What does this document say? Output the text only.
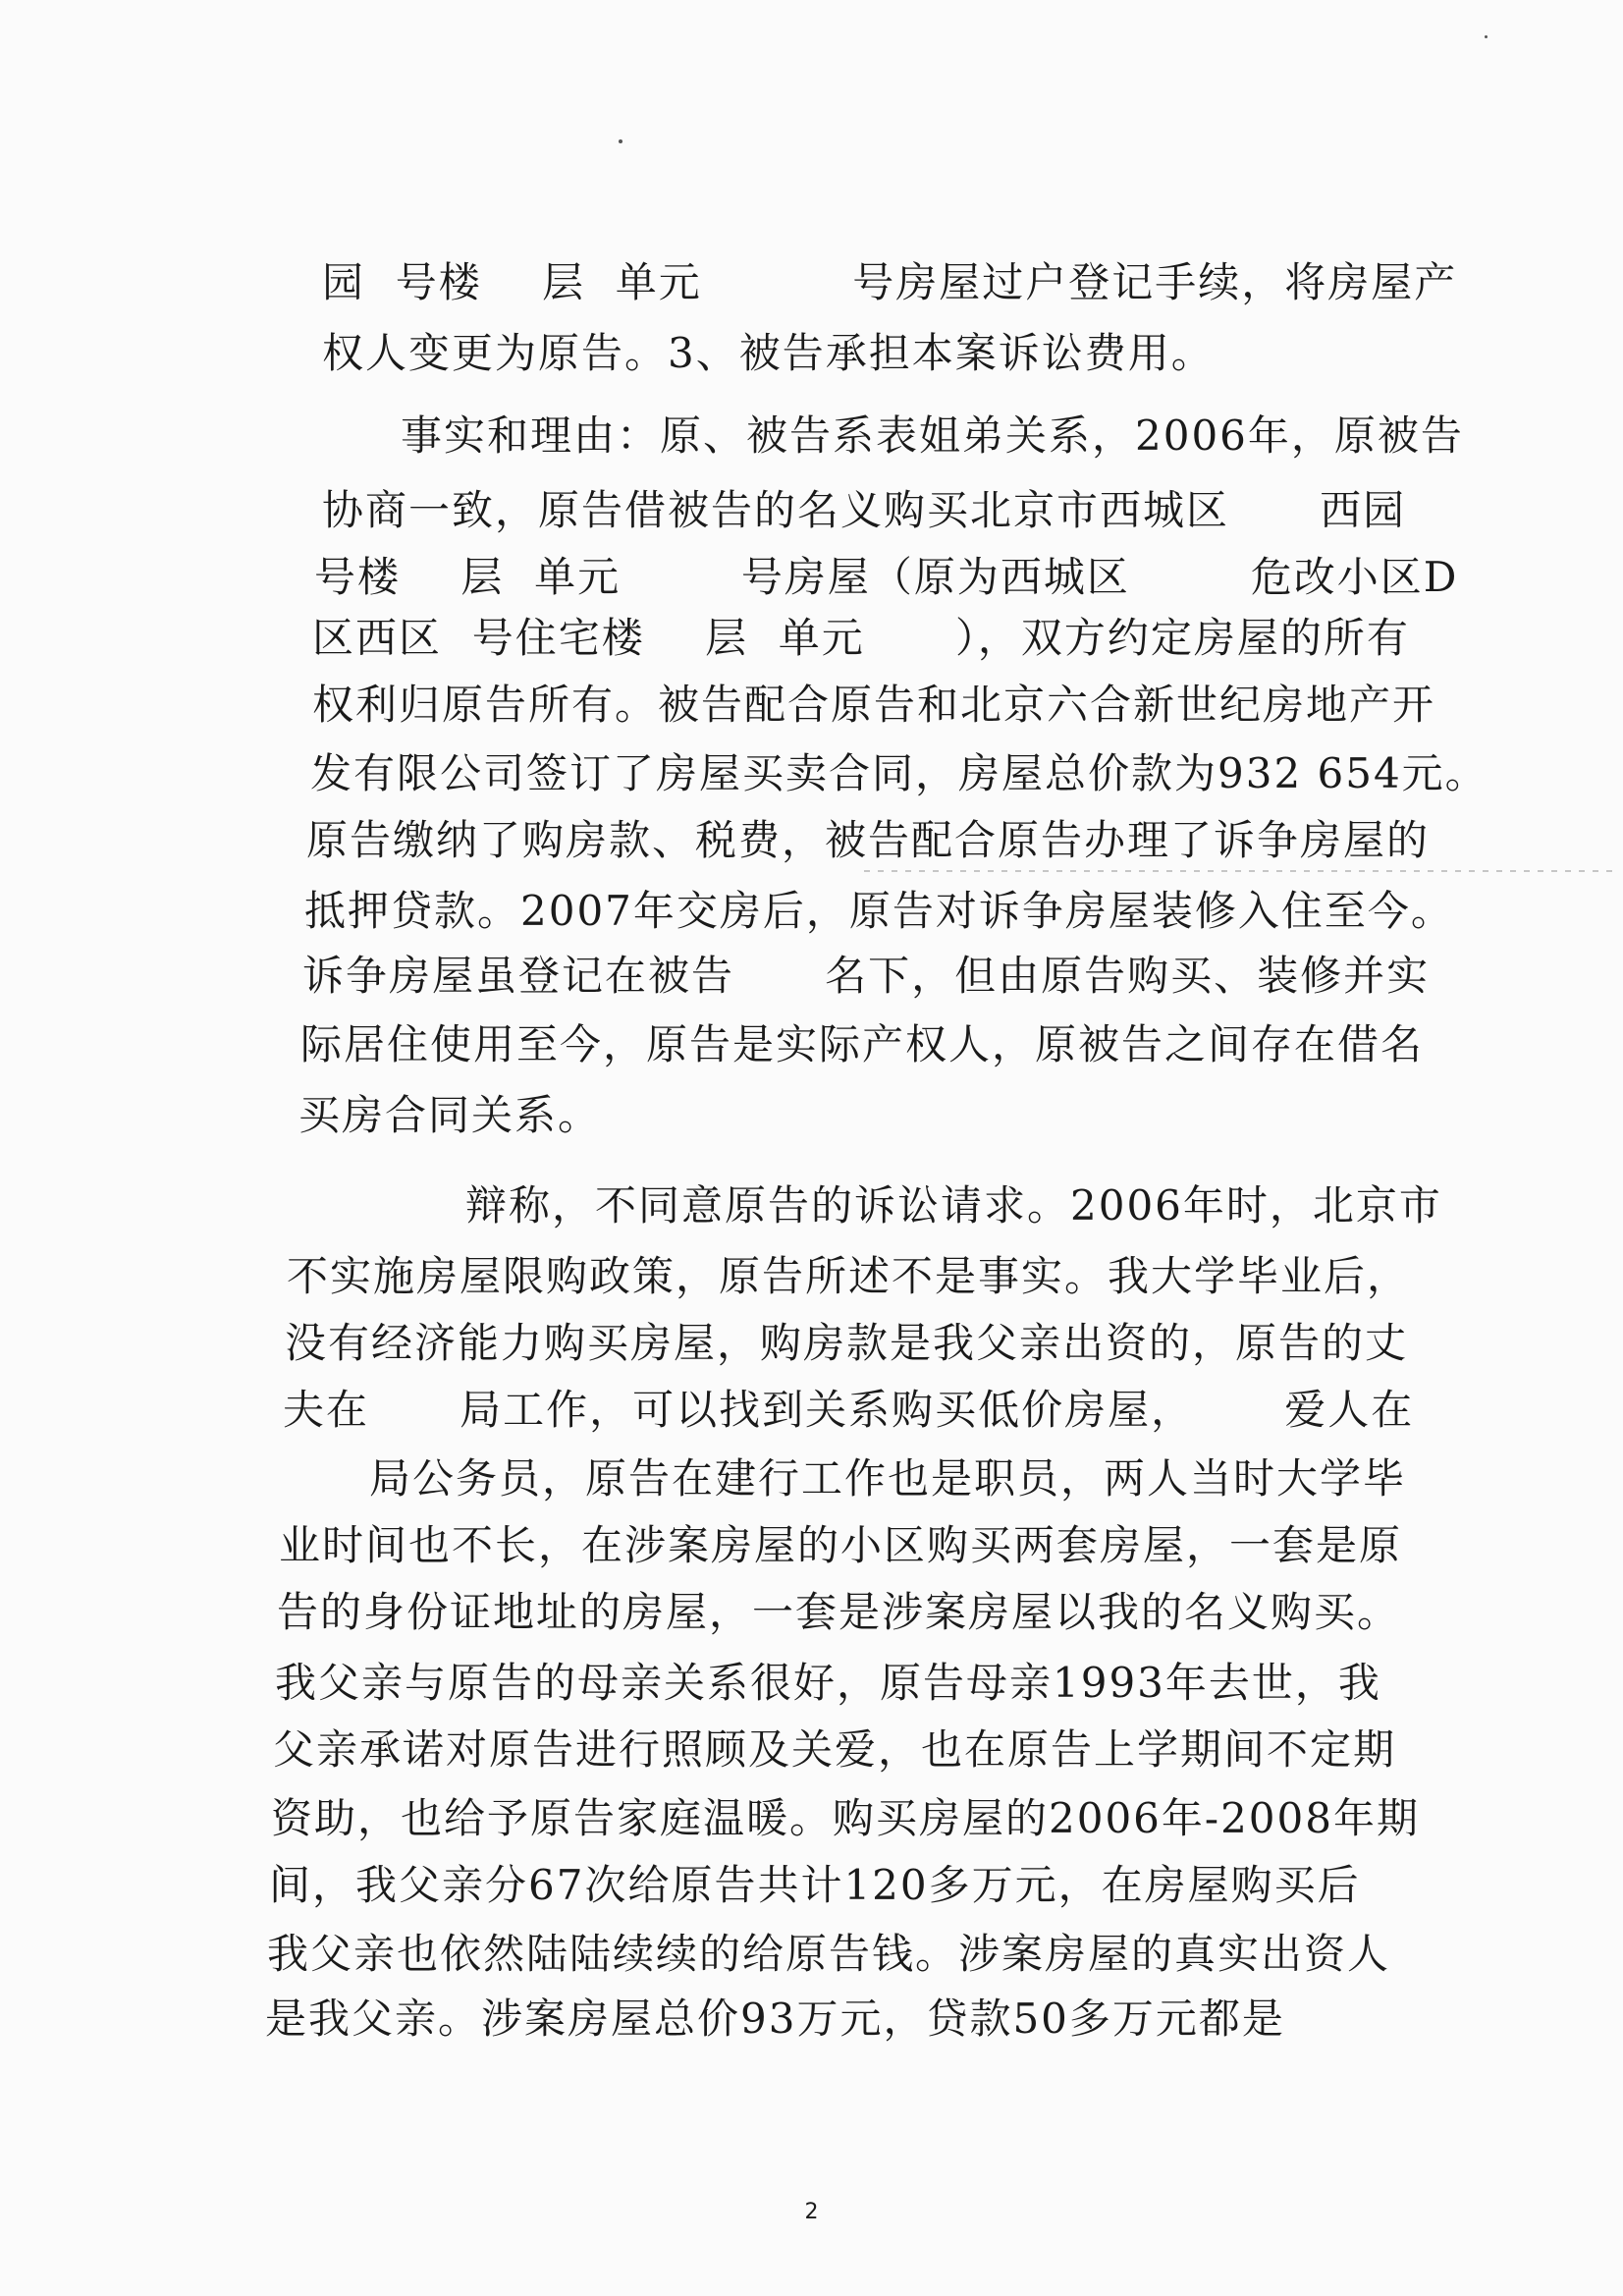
园  号楼    层  单元          号房屋过户登记手续，将房屋产
权人变更为原告。3、被告承担本案诉讼费用。
事实和理由：原、被告系表姐弟关系，2006年，原被告
协商一致，原告借被告的名义购买北京市西城区      西园
号楼    层  单元        号房屋（原为西城区        危改小区D
区西区  号住宅楼    层  单元      ），双方约定房屋的所有
权利归原告所有。被告配合原告和北京六合新世纪房地产开
发有限公司签订了房屋买卖合同，房屋总价款为932 654元。
原告缴纳了购房款、税费，被告配合原告办理了诉争房屋的
抵押贷款。2007年交房后，原告对诉争房屋装修入住至今。
诉争房屋虽登记在被告      名下，但由原告购买、装修并实
际居住使用至今，原告是实际产权人，原被告之间存在借名
买房合同关系。
辩称，不同意原告的诉讼请求。2006年时，北京市
不实施房屋限购政策，原告所述不是事实。我大学毕业后，
没有经济能力购买房屋，购房款是我父亲出资的，原告的丈
夫在      局工作，可以找到关系购买低价房屋，      爱人在
局公务员，原告在建行工作也是职员，两人当时大学毕
业时间也不长，在涉案房屋的小区购买两套房屋，一套是原
告的身份证地址的房屋，一套是涉案房屋以我的名义购买。
我父亲与原告的母亲关系很好，原告母亲1993年去世，我
父亲承诺对原告进行照顾及关爱，也在原告上学期间不定期
资助，也给予原告家庭温暖。购买房屋的2006年-2008年期
间，我父亲分67次给原告共计120多万元，在房屋购买后
我父亲也依然陆陆续续的给原告钱。涉案房屋的真实出资人
是我父亲。涉案房屋总价93万元，贷款50多万元都是
2
